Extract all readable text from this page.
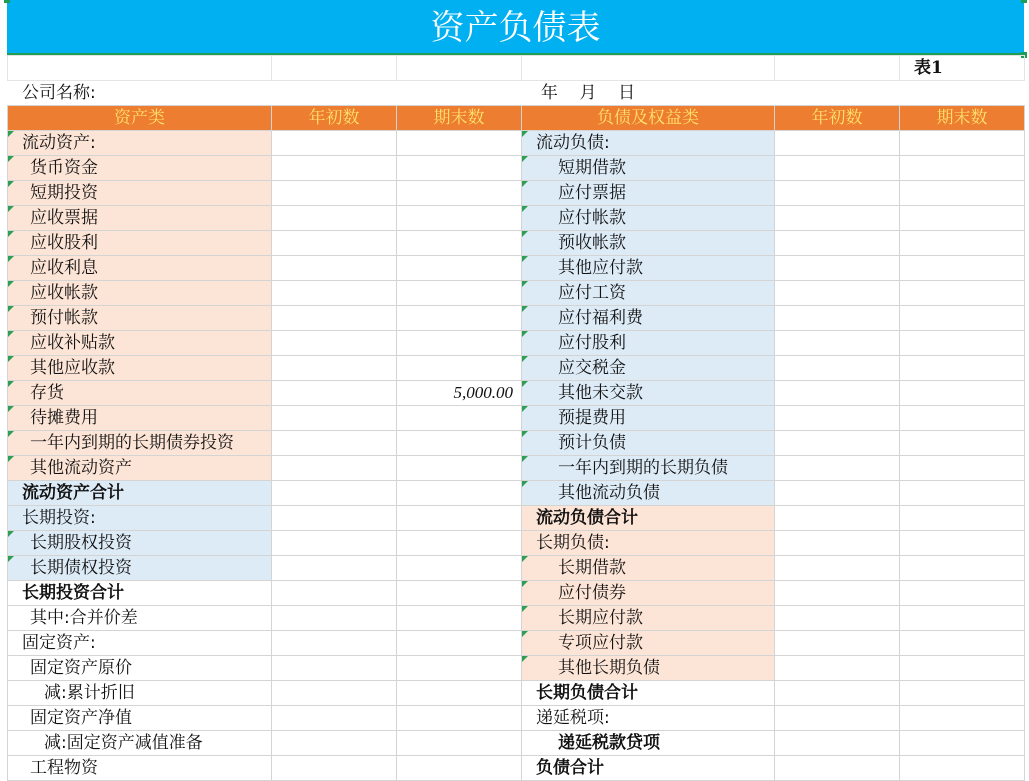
资产负债表
					表1
公司名称:		年    月    日			
资产类	年初数	期末数	负债及权益类	年初数	期末数
流动资产:			流动负债:		
货币资金			短期借款		
短期投资			应付票据		
应收票据			应付帐款		
应收股利			预收帐款		
应收利息			其他应付款		
应收帐款			应付工资		
预付帐款			应付福利费		
应收补贴款			应付股利		
其他应收款			应交税金		
存货		5,000.00	其他未交款		
待摊费用			预提费用		
一年内到期的长期债券投资			预计负债		
其他流动资产			一年内到期的长期负债		
流动资产合计			其他流动负债		
长期投资:			流动负债合计		
长期股权投资			长期负债:		
长期债权投资			长期借款		
长期投资合计			应付债券		
其中:合并价差			长期应付款		
固定资产:			专项应付款		
固定资产原价			其他长期负债		
减:累计折旧			长期负债合计		
固定资产净值			递延税项:		
减:固定资产减值准备			递延税款贷项		
工程物资			负债合计		
